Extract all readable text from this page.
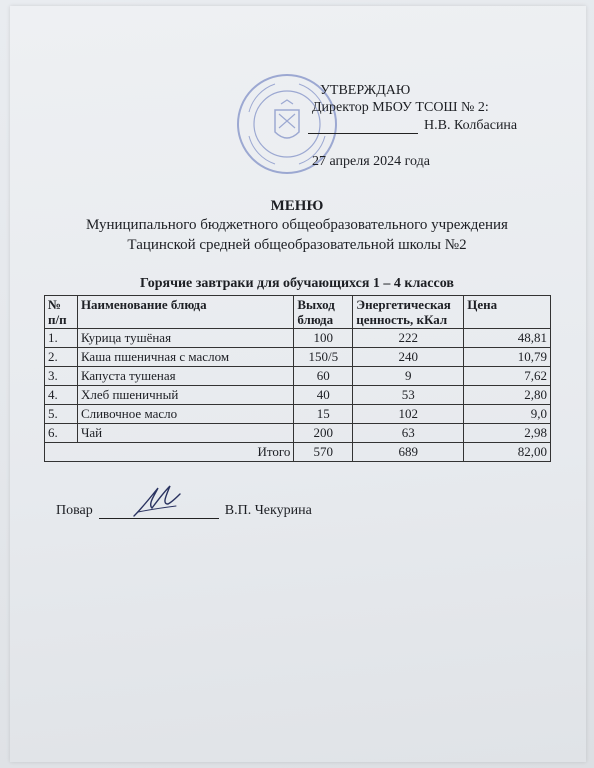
УТВЕРЖДАЮ
Директор МБОУ ТСОШ № 2:
Н.В. Колбасина
27 апреля 2024 года
МЕНЮ
Муниципального бюджетного общеобразовательного учреждения
Тацинской средней общеобразовательной школы №2
Горячие завтраки для обучающихся 1 – 4 классов
№ п/п	Наименование блюда	Выход блюда	Энергетическая ценность, кКал	Цена
1.	Курица тушёная	100	222	48,81
2.	Каша пшеничная с маслом	150/5	240	10,79
3.	Капуста тушеная	60	9	7,62
4.	Хлеб пшеничный	40	53	2,80
5.	Сливочное масло	15	102	9,0
6.	Чай	200	63	2,98
Итого		570	689	82,00
Повар	В.П. Чекурина
